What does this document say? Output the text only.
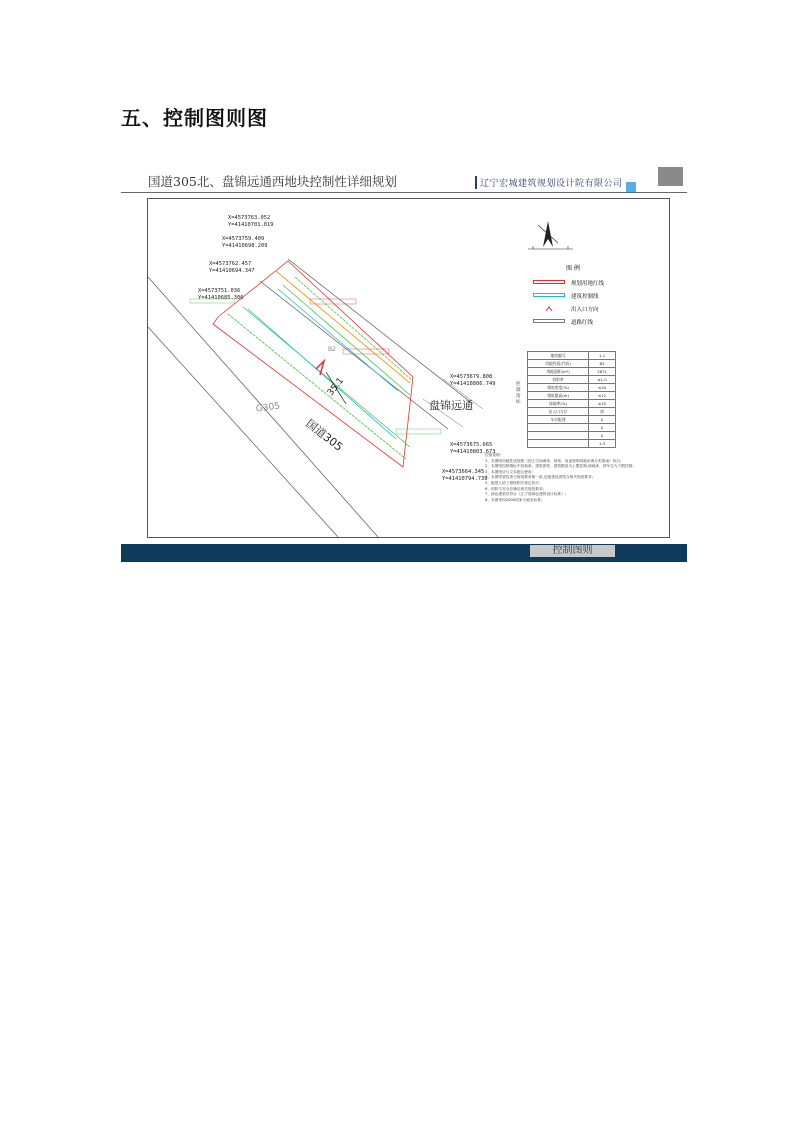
五、控制图则图
国道305北、盘锦远通西地块控制性详细规划	辽宁宏城建筑规划设计院有限公司
X=4573763.052
Y=41410701.019
X=4573759.409
Y=41410698.209
X=4573762.457
Y=41410694.347
X=4573751.036
Y=41410685.306
X=4573679.808
Y=41410806.749
X=4573675.665
Y=41410803.673
X=4573664.345
Y=41410794.739
盘锦远通
G305
国道305
B2
35.1
图 例
规划用地红线
建筑控制线
出入口方向
道路红线
控制指标
地块编号	1-1
用地性质(代码)	B2
用地面积(m²)	2871
容积率	≤1.0
建筑密度(%)	≤30
建筑限高(m)	≤12
绿地率(%)	≥15
出入口方位	南
车位配建	0
	0
	0
	1-3
控规说明:
1、本图则用地性质按照《国土空间调查、规划、用途管制用地用海分类指南》执行;
2、本图则控制指标中容积率、建筑密度、建筑限高为上限控制,绿地率、停车位为下限控制;
3、本图则应与文本配合使用;
4、本图则管控须与规划要求相一致,后续建设须符合相关规范要求;
5、配建人防工程按相关规定执行;
6、消防与安全应满足相关规范要求;
7、绿色建筑应符合《辽宁省绿色建筑设计标准》;
8、本图采用2000国家大地坐标系。
控制图则
